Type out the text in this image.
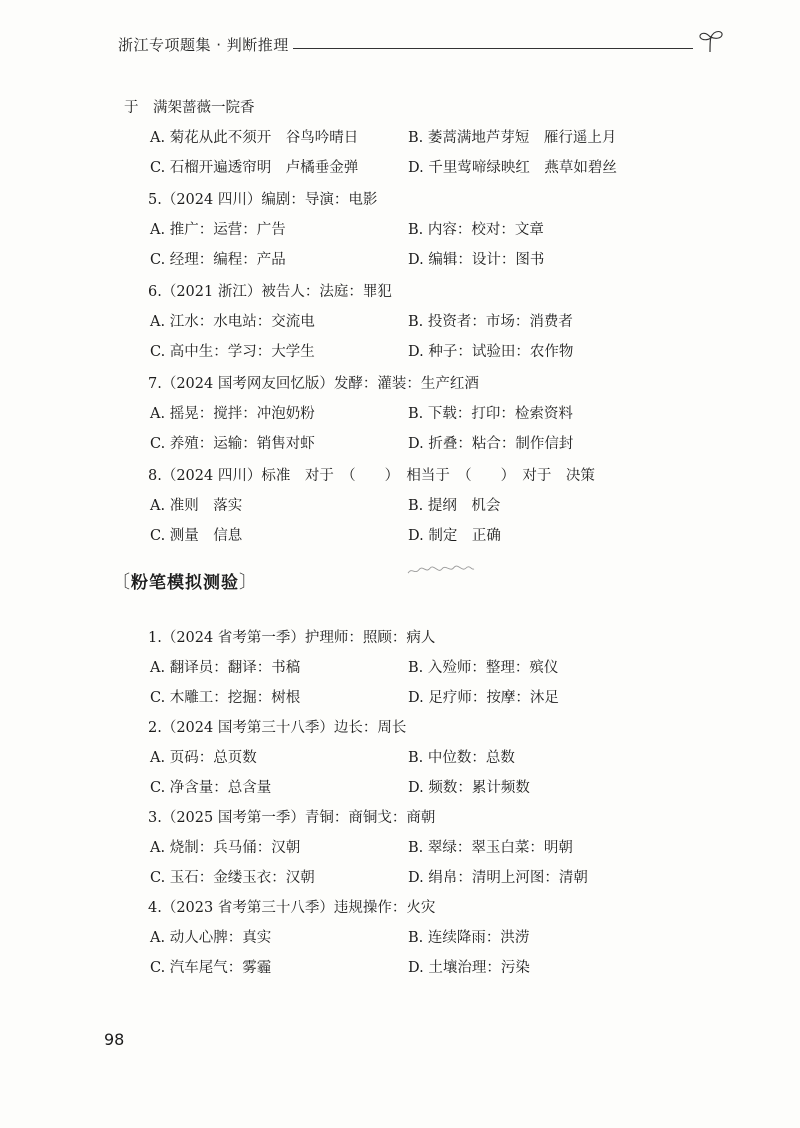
浙江专项题集 · 判断推理
于　满架蔷薇一院香
A. 菊花从此不须开　谷鸟吟晴日	B. 萎蒿满地芦芽短　雁行遥上月
C. 石榴开遍透帘明　卢橘垂金弹	D. 千里莺啼绿映红　燕草如碧丝
5.（2024 四川）编剧：导演：电影
A. 推广：运营：广告	B. 内容：校对：文章
C. 经理：编程：产品	D. 编辑：设计：图书
6.（2021 浙江）被告人：法庭：罪犯
A. 江水：水电站：交流电	B. 投资者：市场：消费者
C. 高中生：学习：大学生	D. 种子：试验田：农作物
7.（2024 国考网友回忆版）发酵：灌装：生产红酒
A. 摇晃：搅拌：冲泡奶粉	B. 下载：打印：检索资料
C. 养殖：运输：销售对虾	D. 折叠：粘合：制作信封
8.（2024 四川）标准　对于　（　　）　相当于　（　　）　对于　决策
A. 准则　落实	B. 提纲　机会
C. 测量　信息	D. 制定　正确
〔粉笔模拟测验〕
1.（2024 省考第一季）护理师：照顾：病人
A. 翻译员：翻译：书稿	B. 入殓师：整理：殡仪
C. 木雕工：挖掘：树根	D. 足疗师：按摩：沐足
2.（2024 国考第三十八季）边长：周长
A. 页码：总页数	B. 中位数：总数
C. 净含量：总含量	D. 频数：累计频数
3.（2025 国考第一季）青铜：商铜戈：商朝
A. 烧制：兵马俑：汉朝	B. 翠绿：翠玉白菜：明朝
C. 玉石：金缕玉衣：汉朝	D. 绢帛：清明上河图：清朝
4.（2023 省考第三十八季）违规操作：火灾
A. 动人心脾：真实	B. 连续降雨：洪涝
C. 汽车尾气：雾霾	D. 土壤治理：污染
98
